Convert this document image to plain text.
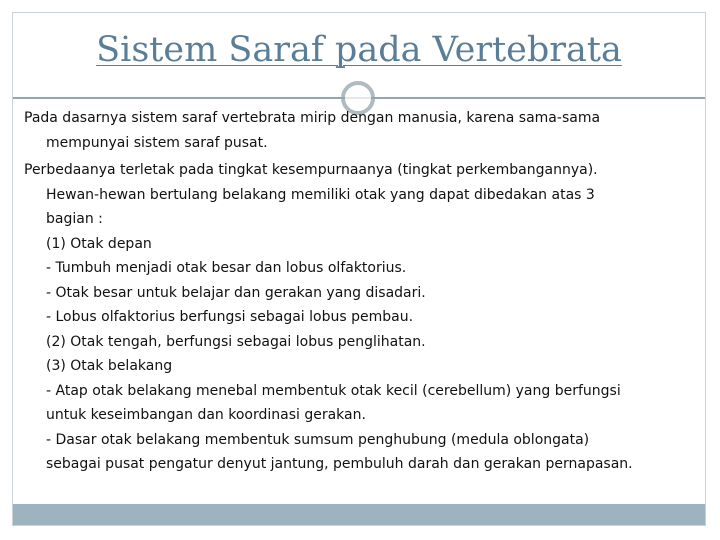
Sistem Saraf pada Vertebrata

Pada dasarnya sistem saraf vertebrata mirip dengan manusia, karena sama-sama
mempunyai sistem saraf pusat.

Perbedaanya terletak pada tingkat kesempurnaanya (tingkat perkembangannya).
Hewan-hewan bertulang belakang memiliki otak yang dapat dibedakan atas 3
bagian :
(1) Otak depan
- Tumbuh menjadi otak besar dan lobus olfaktorius.
- Otak besar untuk belajar dan gerakan yang disadari.
- Lobus olfaktorius berfungsi sebagai lobus pembau.
(2) Otak tengah, berfungsi sebagai lobus penglihatan.
(3) Otak belakang
- Atap otak belakang menebal membentuk otak kecil (cerebellum) yang berfungsi
untuk keseimbangan dan koordinasi gerakan.
- Dasar otak belakang membentuk sumsum penghubung (medula oblongata)
sebagai pusat pengatur denyut jantung, pembuluh darah dan gerakan pernapasan.
